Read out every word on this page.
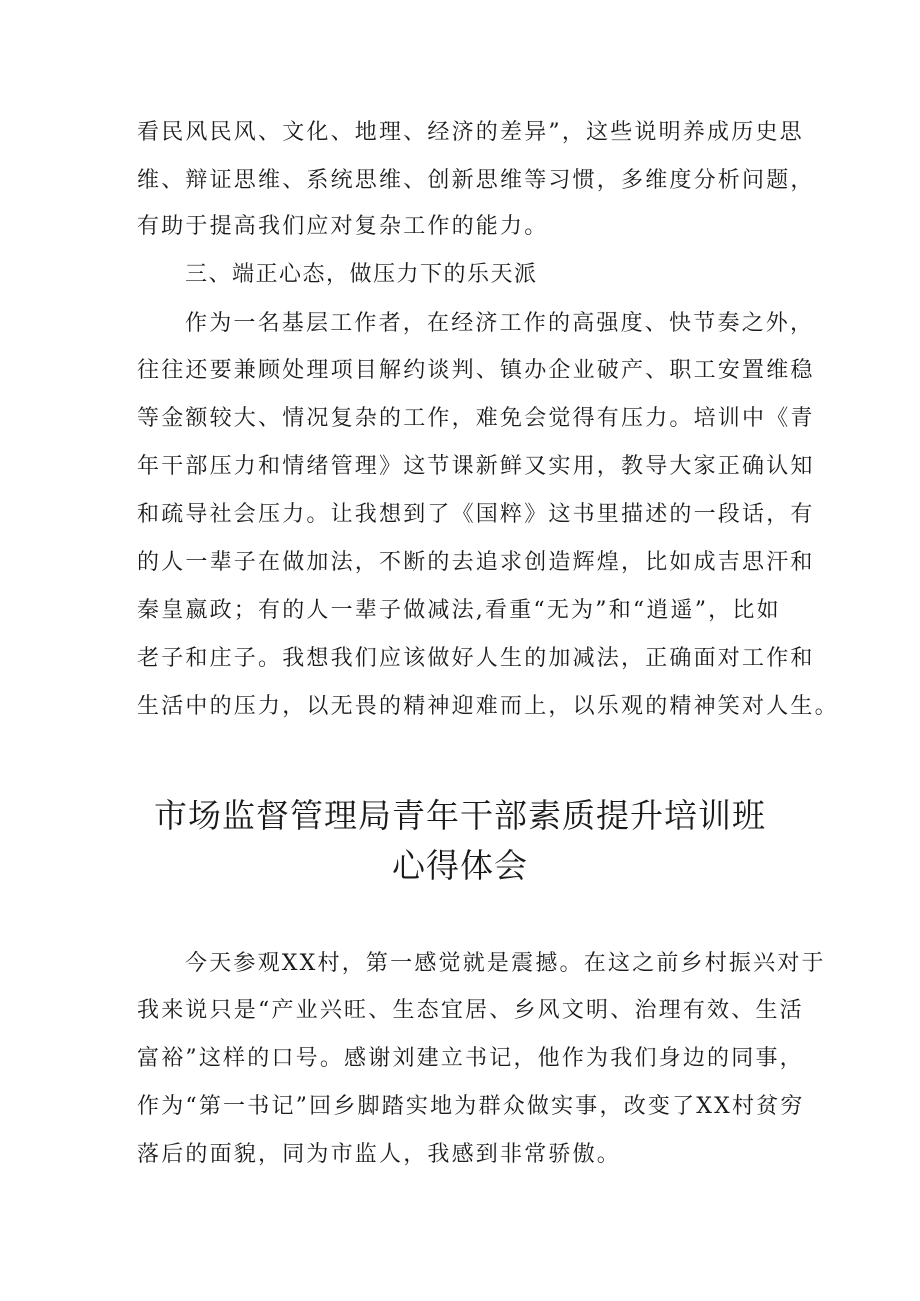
看民风民风、文化、地理、经济的差异”，这些说明养成历史思
维、辩证思维、系统思维、创新思维等习惯，多维度分析问题，
有助于提高我们应对复杂工作的能力。
三、端正心态，做压力下的乐天派
作为一名基层工作者，在经济工作的高强度、快节奏之外，
往往还要兼顾处理项目解约谈判、镇办企业破产、职工安置维稳
等金额较大、情况复杂的工作，难免会觉得有压力。培训中《青
年干部压力和情绪管理》这节课新鲜又实用，教导大家正确认知
和疏导社会压力。让我想到了《国粹》这书里描述的一段话，有
的人一辈子在做加法，不断的去追求创造辉煌，比如成吉思汗和
秦皇嬴政；有的人一辈子做减法,看重“无为”和“逍遥”，比如
老子和庄子。我想我们应该做好人生的加减法，正确面对工作和
生活中的压力，以无畏的精神迎难而上，以乐观的精神笑对人生。
市场监督管理局青年干部素质提升培训班
心得体会
今天参观XX村，第一感觉就是震撼。在这之前乡村振兴对于
我来说只是“产业兴旺、生态宜居、乡风文明、治理有效、生活
富裕”这样的口号。感谢刘建立书记，他作为我们身边的同事，
作为“第一书记”回乡脚踏实地为群众做实事，改变了XX村贫穷
落后的面貌，同为市监人，我感到非常骄傲。
